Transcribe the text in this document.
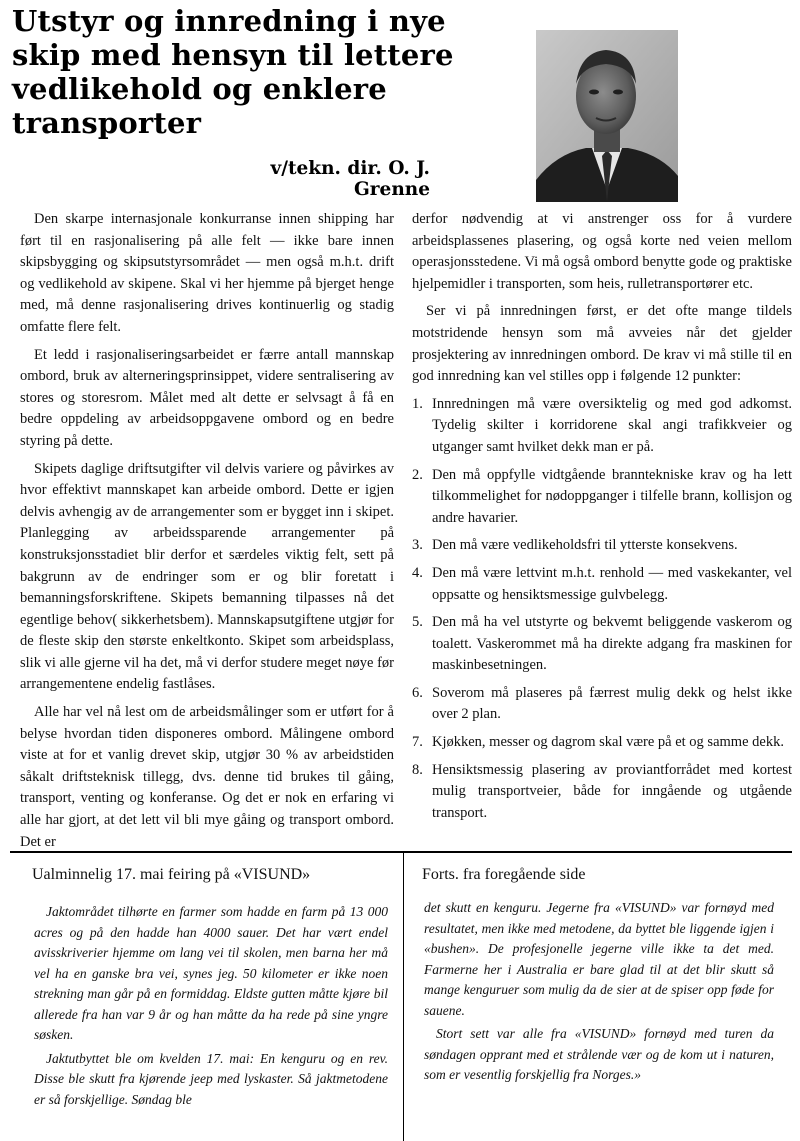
Utstyr og innredning i nye skip med hensyn til lettere vedlikehold og enklere transporter
v/tekn. dir. O. J. Grenne

Den skarpe internasjonale konkurranse innen shipping har ført til en rasjonalisering på alle felt — ikke bare innen skipsbygging og skipsutstyrsområdet — men også m.h.t. drift og vedlikehold av skipene. Skal vi her hjemme på bjerget henge med, må denne rasjonalisering drives kontinuerlig og stadig omfatte flere felt.

Et ledd i rasjonaliseringsarbeidet er færre antall mannskap ombord, bruk av alterneringsprinsippet, videre sentralisering av stores og storesrom. Målet med alt dette er selvsagt å få en bedre oppdeling av arbeidsoppgavene ombord og en bedre styring på dette.

Skipets daglige driftsutgifter vil delvis variere og påvirkes av hvor effektivt mannskapet kan arbeide ombord. Dette er igjen delvis avhengig av de arrangementer som er bygget inn i skipet. Planlegging av arbeidssparende arrangementer på konstruksjonsstadiet blir derfor et særdeles viktig felt, sett på bakgrunn av de endringer som er og blir foretatt i bemanningsforskriftene. Skipets bemanning tilpasses nå det egentlige behov( sikkerhetsbem). Mannskapsutgiftene utgjør for de fleste skip den største enkeltkonto. Skipet som arbeidsplass, slik vi alle gjerne vil ha det, må vi derfor studere meget nøye før arrangementene endelig fastlåses.

Alle har vel nå lest om de arbeidsmålinger som er utført for å belyse hvordan tiden disponeres ombord. Målingene ombord viste at for et vanlig drevet skip, utgjør 30 % av arbeidstiden såkalt driftsteknisk tillegg, dvs. denne tid brukes til gåing, transport, venting og konferanse. Og det er nok en erfaring vi alle har gjort, at det lett vil bli mye gåing og transport ombord. Det er

derfor nødvendig at vi anstrenger oss for å vurdere arbeidsplassenes plasering, og også korte ned veien mellom operasjonsstedene. Vi må også ombord benytte gode og praktiske hjelpemidler i transporten, som heis, rulletransportører etc.

Ser vi på innredningen først, er det ofte mange tildels motstridende hensyn som må avveies når det gjelder prosjektering av innredningen ombord. De krav vi må stille til en god innredning kan vel stilles opp i følgende 12 punkter:

1. Innredningen må være oversiktelig og med god adkomst. Tydelig skilter i korridorene skal angi trafikkveier og utganger samt hvilket dekk man er på.
2. Den må oppfylle vidtgående branntekniske krav og ha lett tilkommelighet for nødoppganger i tilfelle brann, kollisjon og andre havarier.
3. Den må være vedlikeholdsfri til ytterste konsekvens.
4. Den må være lettvint m.h.t. renhold — med vaskekanter, vel oppsatte og hensiktsmessige gulvbelegg.
5. Den må ha vel utstyrte og bekvemt beliggende vaskerom og toalett. Vaskerommet må ha direkte adgang fra maskinen for maskinbesetningen.
6. Soverom må plaseres på færrest mulig dekk og helst ikke over 2 plan.
7. Kjøkken, messer og dagrom skal være på et og samme dekk.
8. Hensiktsmessig plasering av proviantforrådet med kortest mulig transportveier, både for inngående og utgående transport.
Ualminnelig 17. mai feiring på «VISUND»

Jaktområdet tilhørte en farmer som hadde en farm på 13 000 acres og på den hadde han 4000 sauer. Det har vært endel avisskriverier hjemme om lang vei til skolen, men barna her må vel ha en ganske bra vei, synes jeg. 50 kilometer er ikke noen strekning man går på en formiddag. Eldste gutten måtte kjøre bil allerede fra han var 9 år og han måtte da ha rede på sine yngre søsken.

Jaktutbyttet ble om kvelden 17. mai: En kenguru og en rev. Disse ble skutt fra kjørende jeep med lyskaster. Så jaktmetodene er så forskjellige. Søndag ble

Forts. fra foregående side

det skutt en kenguru. Jegerne fra «VISUND» var fornøyd med resultatet, men ikke med metodene, da byttet ble liggende igjen i «bushen». De profesjonelle jegerne ville ikke ta det med. Farmerne her i Australia er bare glad til at det blir skutt så mange kenguruer som mulig da de sier at de spiser opp føde for sauene.

Stort sett var alle fra «VISUND» fornøyd med turen da søndagen opprant med et strålende vær og de kom ut i naturen, som er vesentlig forskjellig fra Norges.»
